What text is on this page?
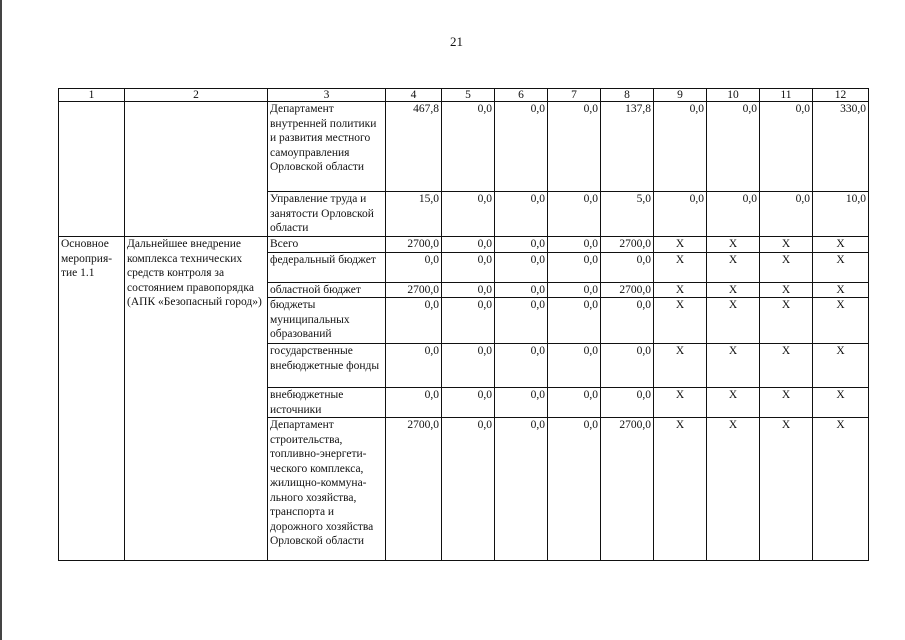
21
1	2	3	4	5	6	7	8	9	10	11	12
		Департамент внутренней политики и развития местного самоуправления Орловской области	467,8	0,0	0,0	0,0	137,8	0,0	0,0	0,0	330,0
		Управление труда и занятости Орловской области	15,0	0,0	0,0	0,0	5,0	0,0	0,0	0,0	10,0
Основное мероприя-тие 1.1	Дальнейшее внедрение комплекса технических средств контроля за состоянием правопорядка (АПК «Безопасный город»)	Всего	2700,0	0,0	0,0	0,0	2700,0	X	X	X	X
		федеральный бюджет	0,0	0,0	0,0	0,0	0,0	X	X	X	X
		областной бюджет	2700,0	0,0	0,0	0,0	2700,0	X	X	X	X
		бюджеты муниципальных образований	0,0	0,0	0,0	0,0	0,0	X	X	X	X
		государственные внебюджетные фонды	0,0	0,0	0,0	0,0	0,0	X	X	X	X
		внебюджетные источники	0,0	0,0	0,0	0,0	0,0	X	X	X	X
		Департамент строительства, топливно-энергети-ческого комплекса, жилищно-коммуна-льного хозяйства, транспорта и дорожного хозяйства Орловской области	2700,0	0,0	0,0	0,0	2700,0	X	X	X	X
